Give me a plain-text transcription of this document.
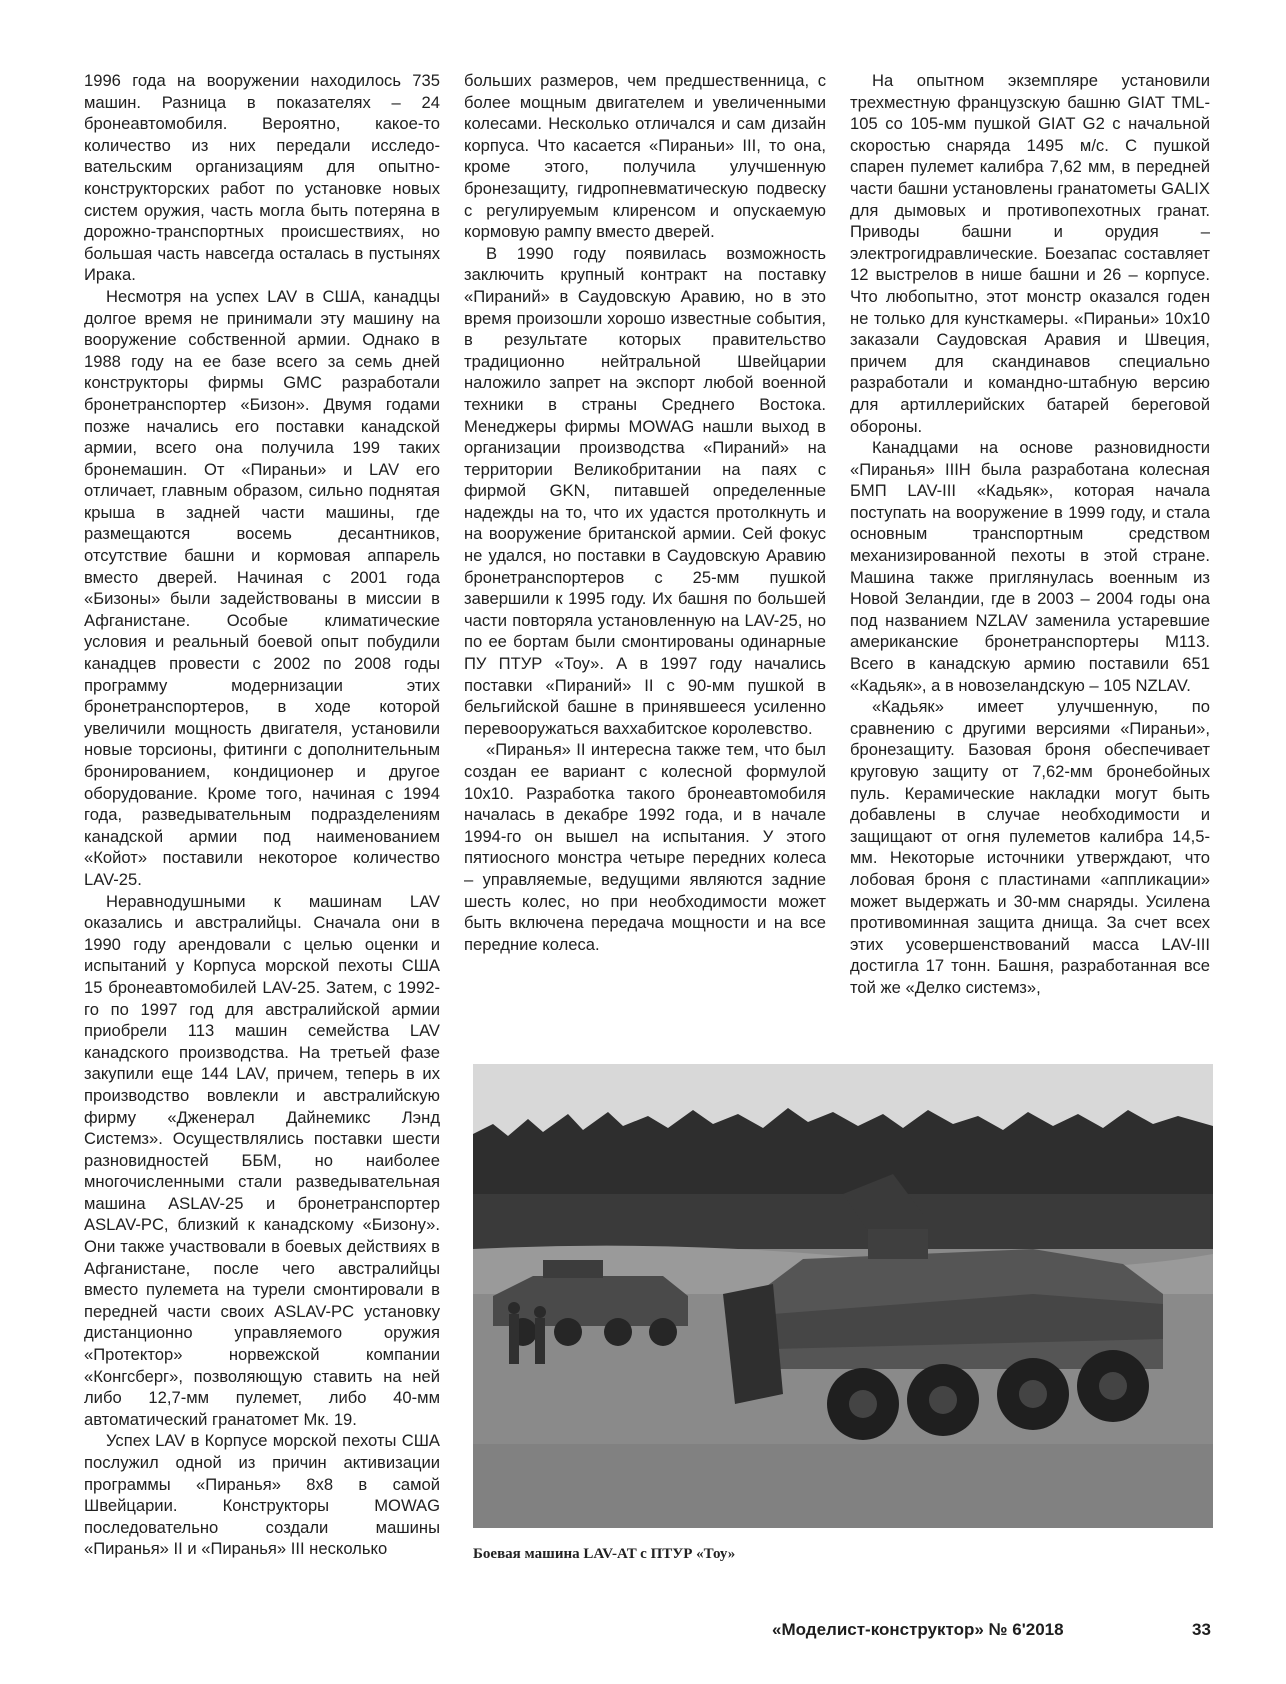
1996 года на вооружении находилось 735 машин. Разница в показателях – 24 бронеавтомобиля. Вероятно, какое-то количество из них передали исследовательским организациям для опытно-конструкторских работ по установке новых систем оружия, часть могла быть потеряна в дорожно-транспортных происшествиях, но большая часть навсегда осталась в пустынях Ирака.

Несмотря на успех LAV в США, канадцы долгое время не принимали эту машину на вооружение собственной армии. Однако в 1988 году на ее базе всего за семь дней конструкторы фирмы GMC разработали бронетранспортер «Бизон». Двумя годами позже начались его поставки канадской армии, всего она получила 199 таких бронемашин. От «Пираньи» и LAV его отличает, главным образом, сильно поднятая крыша в задней части машины, где размещаются восемь десантников, отсутствие башни и кормовая аппарель вместо дверей. Начиная с 2001 года «Бизоны» были задействованы в миссии в Афганистане. Особые климатические условия и реальный боевой опыт побудили канадцев провести с 2002 по 2008 годы программу модернизации этих бронетранспортеров, в ходе которой увеличили мощность двигателя, установили новые торсионы, фитинги с дополнительным бронированием, кондиционер и другое оборудование. Кроме того, начиная с 1994 года, разведывательным подразделениям канадской армии под наименованием «Койот» поставили некоторое количество LAV-25.

Неравнодушными к машинам LAV оказались и австралийцы. Сначала они в 1990 году арендовали с целью оценки и испытаний у Корпуса морской пехоты США 15 бронеавтомобилей LAV-25. Затем, с 1992-го по 1997 год для австралийской армии приобрели 113 машин семейства LAV канадского производства. На третьей фазе закупили еще 144 LAV, причем, теперь в их производство вовлекли и австралийскую фирму «Дженерал Дайнемикс Лэнд Системз». Осуществлялись поставки шести разновидностей ББМ, но наиболее многочисленными стали разведывательная машина ASLAV-25 и бронетранспортер ASLAV-PC, близкий к канадскому «Бизону». Они также участвовали в боевых действиях в Афганистане, после чего австралийцы вместо пулемета на турели смонтировали в передней части своих ASLAV-PC установку дистанционно управляемого оружия «Протектор» норвежской компании «Конгсберг», позволяющую ставить на ней либо 12,7-мм пулемет, либо 40-мм автоматический гранатомет Мк. 19.

Успех LAV в Корпусе морской пехоты США послужил одной из причин активизации программы «Пиранья» 8х8 в самой Швейцарии. Конструкторы MOWAG последовательно создали машины «Пиранья» II и «Пиранья» III несколько

больших размеров, чем предшественница, с более мощным двигателем и увеличенными колесами. Несколько отличался и сам дизайн корпуса. Что касается «Пираньи» III, то она, кроме этого, получила улучшенную бронезащиту, гидропневматическую подвеску с регулируемым клиренсом и опускаемую кормовую рампу вместо дверей.

В 1990 году появилась возможность заключить крупный контракт на поставку «Пираний» в Саудовскую Аравию, но в это время произошли хорошо известные события, в результате которых правительство традиционно нейтральной Швейцарии наложило запрет на экспорт любой военной техники в страны Среднего Востока. Менеджеры фирмы MOWAG нашли выход в организации производства «Пираний» на территории Великобритании на паях с фирмой GKN, питавшей определенные надежды на то, что их удастся протолкнуть и на вооружение британской армии. Сей фокус не удался, но поставки в Саудовскую Аравию бронетранспортеров с 25-мм пушкой завершили к 1995 году. Их башня по большей части повторяла установленную на LAV-25, но по ее бортам были смонтированы одинарные ПУ ПТУР «Тоу». А в 1997 году начались поставки «Пираний» II с 90-мм пушкой в бельгийской башне в принявшееся усиленно перевооружаться ваххабитское королевство.

«Пиранья» II интересна также тем, что был создан ее вариант с колесной формулой 10х10. Разработка такого бронеавтомобиля началась в декабре 1992 года, и в начале 1994-го он вышел на испытания. У этого пятиосного монстра четыре передних колеса – управляемые, ведущими являются задние шесть колес, но при необходимости может быть включена передача мощности и на все передние колеса.

На опытном экземпляре установили трехместную французскую башню GIAT TML-105 со 105-мм пушкой GIAT G2 с начальной скоростью снаряда 1495 м/с. С пушкой спарен пулемет калибра 7,62 мм, в передней части башни установлены гранатометы GALIX для дымовых и противопехотных гранат. Приводы башни и орудия – электрогидравлические. Боезапас составляет 12 выстрелов в нише башни и 26 – корпусе. Что любопытно, этот монстр оказался годен не только для кунсткамеры. «Пираньи» 10х10 заказали Саудовская Аравия и Швеция, причем для скандинавов специально разработали и командно-штабную версию для артиллерийских батарей береговой обороны.

Канадцами на основе разновидности «Пиранья» IIIН была разработана колесная БМП LAV-III «Кадьяк», которая начала поступать на вооружение в 1999 году, и стала основным транспортным средством механизированной пехоты в этой стране. Машина также приглянулась военным из Новой Зеландии, где в 2003 – 2004 годы она под названием NZLAV заменила устаревшие американские бронетранспортеры М113. Всего в канадскую армию поставили 651 «Кадьяк», а в новозеландскую – 105 NZLAV.

«Кадьяк» имеет улучшенную, по сравнению с другими версиями «Пираньи», бронезащиту. Базовая броня обеспечивает круговую защиту от 7,62-мм бронебойных пуль. Керамические накладки могут быть добавлены в случае необходимости и защищают от огня пулеметов калибра 14,5-мм. Некоторые источники утверждают, что лобовая броня с пластинами «аппликации» может выдержать и 30-мм снаряды. Усилена противоминная защита днища. За счет всех этих усовершенствований масса LAV-III достигла 17 тонн. Башня, разработанная все той же «Делко системз»,

Боевая машина LAV-AT с ПТУР «Тоу»
«Моделист-конструктор» № 6'2018	33
